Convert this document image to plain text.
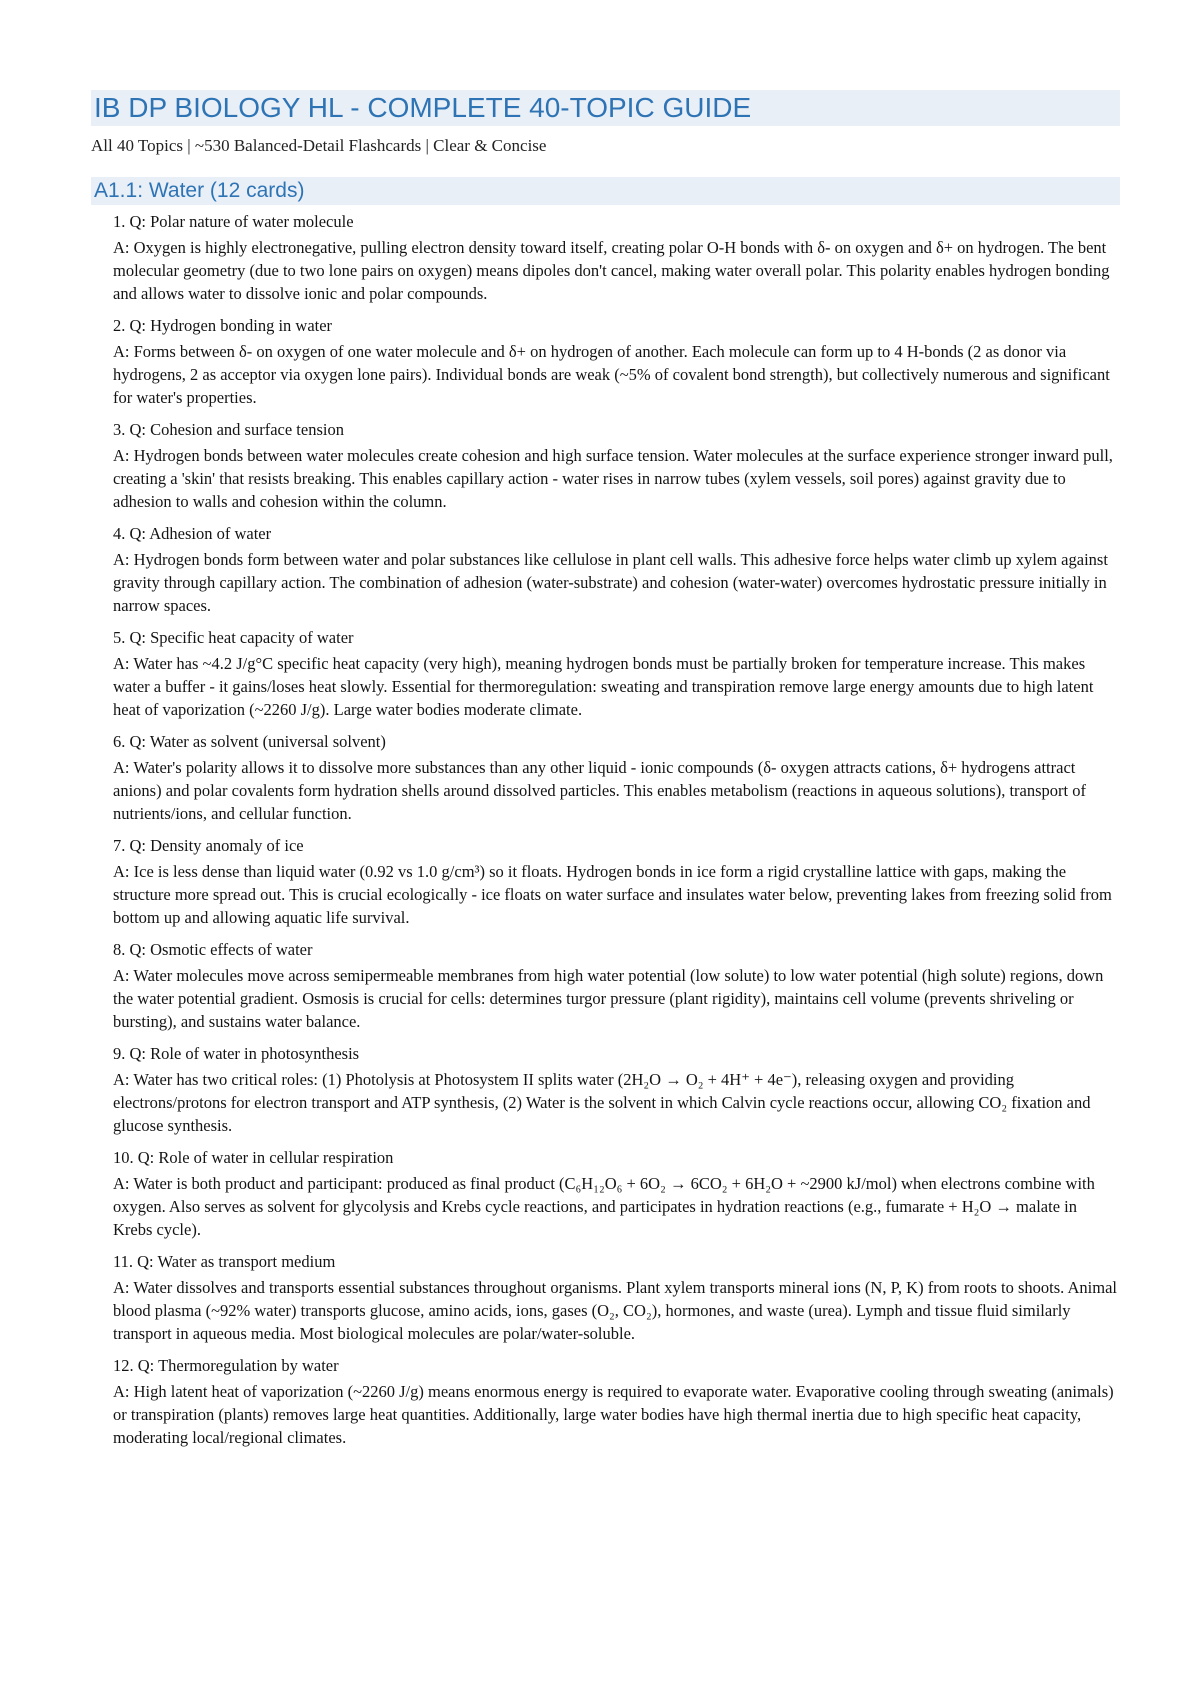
IB DP BIOLOGY HL - COMPLETE 40-TOPIC GUIDE
All 40 Topics | ~530 Balanced-Detail Flashcards | Clear & Concise
A1.1: Water (12 cards)
1. Q: Polar nature of water molecule
A: Oxygen is highly electronegative, pulling electron density toward itself, creating polar O-H bonds with δ- on oxygen and δ+ on hydrogen. The bent molecular geometry (due to two lone pairs on oxygen) means dipoles don't cancel, making water overall polar. This polarity enables hydrogen bonding and allows water to dissolve ionic and polar compounds.
2. Q: Hydrogen bonding in water
A: Forms between δ- on oxygen of one water molecule and δ+ on hydrogen of another. Each molecule can form up to 4 H-bonds (2 as donor via hydrogens, 2 as acceptor via oxygen lone pairs). Individual bonds are weak (~5% of covalent bond strength), but collectively numerous and significant for water's properties.
3. Q: Cohesion and surface tension
A: Hydrogen bonds between water molecules create cohesion and high surface tension. Water molecules at the surface experience stronger inward pull, creating a 'skin' that resists breaking. This enables capillary action - water rises in narrow tubes (xylem vessels, soil pores) against gravity due to adhesion to walls and cohesion within the column.
4. Q: Adhesion of water
A: Hydrogen bonds form between water and polar substances like cellulose in plant cell walls. This adhesive force helps water climb up xylem against gravity through capillary action. The combination of adhesion (water-substrate) and cohesion (water-water) overcomes hydrostatic pressure initially in narrow spaces.
5. Q: Specific heat capacity of water
A: Water has ~4.2 J/g°C specific heat capacity (very high), meaning hydrogen bonds must be partially broken for temperature increase. This makes water a buffer - it gains/loses heat slowly. Essential for thermoregulation: sweating and transpiration remove large energy amounts due to high latent heat of vaporization (~2260 J/g). Large water bodies moderate climate.
6. Q: Water as solvent (universal solvent)
A: Water's polarity allows it to dissolve more substances than any other liquid - ionic compounds (δ- oxygen attracts cations, δ+ hydrogens attract anions) and polar covalents form hydration shells around dissolved particles. This enables metabolism (reactions in aqueous solutions), transport of nutrients/ions, and cellular function.
7. Q: Density anomaly of ice
A: Ice is less dense than liquid water (0.92 vs 1.0 g/cm³) so it floats. Hydrogen bonds in ice form a rigid crystalline lattice with gaps, making the structure more spread out. This is crucial ecologically - ice floats on water surface and insulates water below, preventing lakes from freezing solid from bottom up and allowing aquatic life survival.
8. Q: Osmotic effects of water
A: Water molecules move across semipermeable membranes from high water potential (low solute) to low water potential (high solute) regions, down the water potential gradient. Osmosis is crucial for cells: determines turgor pressure (plant rigidity), maintains cell volume (prevents shriveling or bursting), and sustains water balance.
9. Q: Role of water in photosynthesis
A: Water has two critical roles: (1) Photolysis at Photosystem II splits water (2H₂O → O₂ + 4H⁺ + 4e⁻), releasing oxygen and providing electrons/protons for electron transport and ATP synthesis, (2) Water is the solvent in which Calvin cycle reactions occur, allowing CO₂ fixation and glucose synthesis.
10. Q: Role of water in cellular respiration
A: Water is both product and participant: produced as final product (C₆H₁₂O₆ + 6O₂ → 6CO₂ + 6H₂O + ~2900 kJ/mol) when electrons combine with oxygen. Also serves as solvent for glycolysis and Krebs cycle reactions, and participates in hydration reactions (e.g., fumarate + H₂O → malate in Krebs cycle).
11. Q: Water as transport medium
A: Water dissolves and transports essential substances throughout organisms. Plant xylem transports mineral ions (N, P, K) from roots to shoots. Animal blood plasma (~92% water) transports glucose, amino acids, ions, gases (O₂, CO₂), hormones, and waste (urea). Lymph and tissue fluid similarly transport in aqueous media. Most biological molecules are polar/water-soluble.
12. Q: Thermoregulation by water
A: High latent heat of vaporization (~2260 J/g) means enormous energy is required to evaporate water. Evaporative cooling through sweating (animals) or transpiration (plants) removes large heat quantities. Additionally, large water bodies have high thermal inertia due to high specific heat capacity, moderating local/regional climates.
